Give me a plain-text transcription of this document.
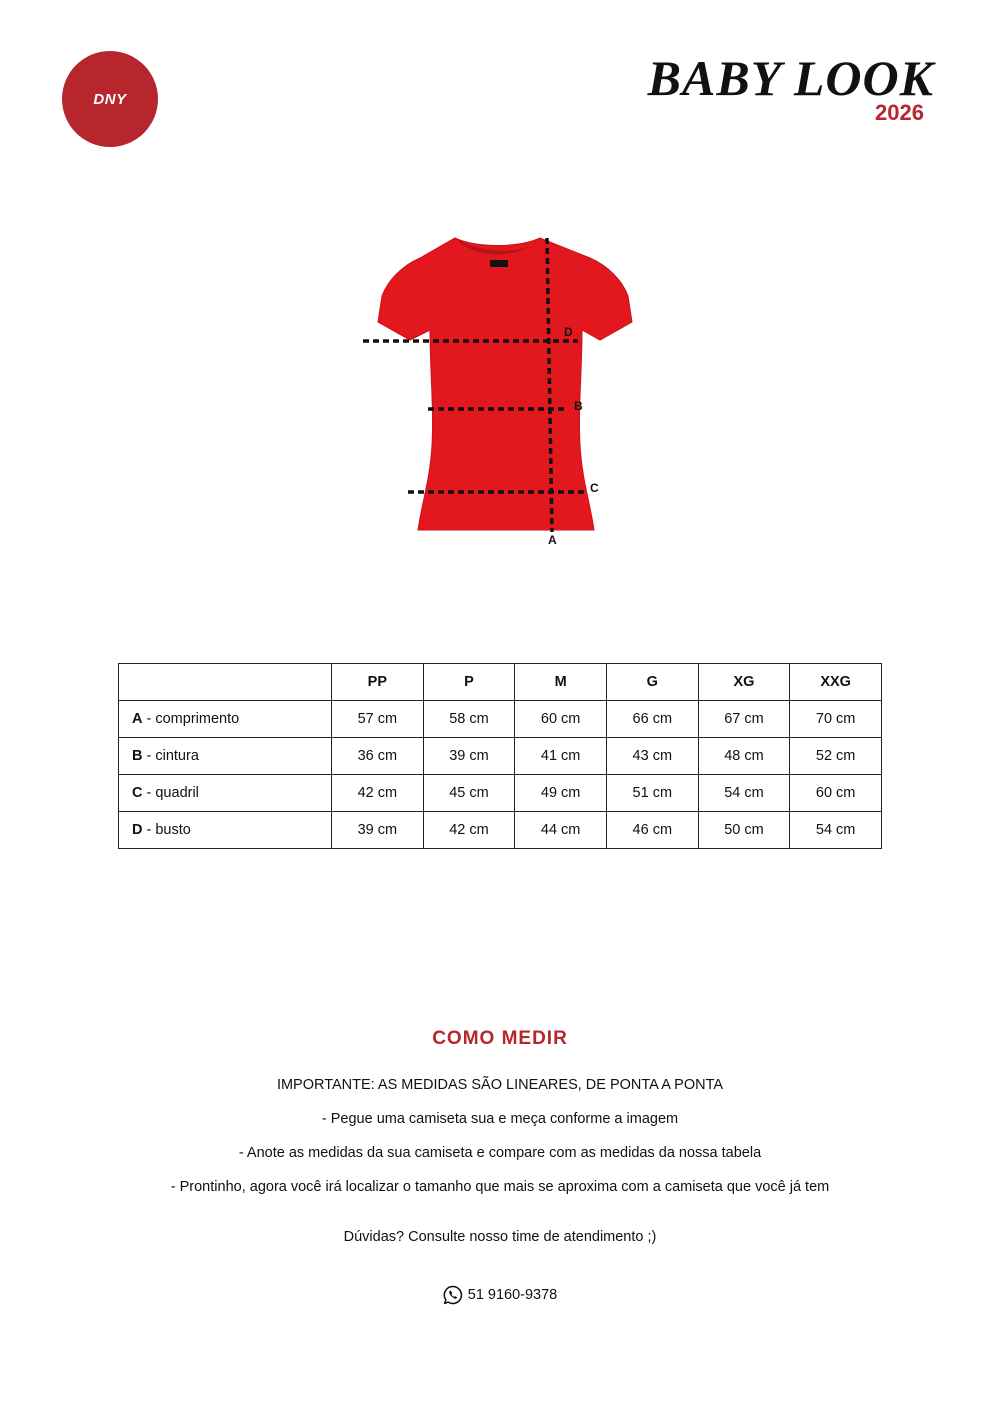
DNY	BABY LOOK
2026
D
B
C
A
	PP	P	M	G	XG	XXG
A - comprimento	57 cm	58 cm	60 cm	66 cm	67 cm	70 cm
B - cintura	36 cm	39 cm	41 cm	43 cm	48 cm	52 cm
C - quadril	42 cm	45 cm	49 cm	51 cm	54 cm	60 cm
D - busto	39 cm	42 cm	44 cm	46 cm	50 cm	54 cm
COMO MEDIR
IMPORTANTE: AS MEDIDAS SÃO LINEARES, DE PONTA A PONTA
- Pegue uma camiseta sua e meça conforme a imagem
- Anote as medidas da sua camiseta e compare com as medidas da nossa tabela
- Prontinho, agora você irá localizar o tamanho que mais se aproxima com a camiseta que você já tem
Dúvidas? Consulte nosso time de atendimento ;)
51 9160-9378
